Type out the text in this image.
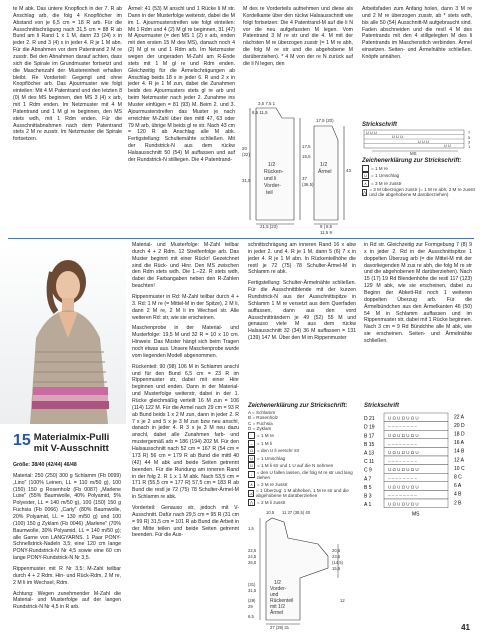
te M abk. Das untere Knopfloch in der 7. R ab Anschlag arb, die folg 4 Knopflöcher im Abstand von je 6,5 cm = 18 R arb. Für die Ausschnittschrägung nach 31,5 cm = 88 R ab Bund am li Rand 1 x 1 M, dann 23 (24) x in jeder 2. R und 3 (4) x in jeder 4. R je 1 M abn. Für die Abnahmen vor dem Patentrand 2 M re zusstr. Bei den Abnahmen darauf achten, dass sich die Spirale im Grundmuster fortsetzt und die Maschenzahl der Mustereinheit erhalten bleibt. Re Vorderteil: Gegengl und ohne Knopflöcher arb. Das Ajourmuster wie folgt einteilen: Mit 4 M Patentrand und den letzten 8 (0) M des MS beginnen, den MS 3 (4) x arb, mit 1 Rdm enden. Im Netzmuster mit 4 M Patentrand und 1 M gl re beginnen, den MS stets wdh, mit 1 Rdm enden. Für die Ausschnittabnahmen nach dem Patentrand stets 2 M re zusstr. Im Netzmuster die Spirale fortsetzen.

Ärmel: 41 (53) M anschl und 1 Rücke li M str. Dann in der Musterfolge weiterstr, dabei die M im 1. Ajourmusterstreifen wie folgt einteilen: Mit 1 Rdm und 4 (2) M gl re beginnen, 31 (47) M Ajourmuster (= den MS 1 (2) x arb, enden mit den ersten 15 M des MS), danach noch 4 (2) M gl re und 1 Rdm arb. Im Netzmuster wegen der ungeraden M-Zahl am R-Ende stets mit 1 M gl re und Rdm enden. Gleichzeitig für die Ärmelschrägungen ab Anschlag beids 18 x in jeder 6. R und 2 x in jeder 4. R je 1 M zun, dabei die Zunahmen beids des Ajourmusters stets gl re arb und beim Netzmuster nach jeder 2. Zunahme ins Muster einfügen = 81 (93) M. Beim 2. und 3. Ajourmusterstreifen das Muster je nach erreichter M-Zahl über den mittl 47, 63 oder 79 M arb, übrige M beids gl re str. Nach 43 cm = 120 R ab Anschlag alle M abk. Fertigstellung: Schultemähte schließen. Mit der Rundstrick-N aus dem rückw Halsausschnitt 50 (54) M auffassen und auf der Rundstrick-N stilliegen. Die 4 Patentrand-

M des re Vorderteils aufnehmen und diese als Kordelkante über den rückw Halsausschnitt wie folgt fortsetzen: Die 4 Patentrand-M auf die li N vor die neu aufgefassten M legen. Vom Patentrand 3 M re str und die 4. M mit der nächsten M re überzogen zusstr (= 1 M re abh, die folg M re str und die abgehobene M darüberziehen). * 4 M von der re N zurück auf die li N legen, den

Arbeitsfaden zum Anfang holen, dann 3 M re und 2 M re überzogen zusstr, ab * stets wdh, bis alle 50 (54) Ausschnitt-M aufgebraucht sind. Faden abschneiden und die restl 4 M des Patentrands mit den 4 stillgelegten M des li Patentrands im Maschenstich verbinden. Ärmel einsetzen. Seiten- und Ärmelnähte schließen. Knöpfe annähen.

3,5 7,5 1
8,5 11,5
20
(22)
31,5
17,5
15,5
37
(36,5)
17,5 (20)
43
21,5 (23)	9 | 8,5
11,5 9
1/2
Rücken-
und li
Vorder-
teil
1/2
Ärmel
Strickschrift
U U U
U U U
U U U
U U
7
5
3
1
MS
Zeichenerklärung zur Strickschrift:
= 1 M re
U = 1 Umschlag
∧ = 3 M re zusstr
⋀ = 3 M überzogen zusstr (= 1 M re abh, 2 M re zusstr und die abgehobene M darüberziehen)
15 Materialmix-Pulli mit V-Ausschnitt

Größe: 38/40 (42/44) 46/48

Material: 250 (250) 300 g Schlamm (Fb 0099) „Lino" (100% Leinen, LL = 110 m/50 g), 100 (150) 150 g Rosenholz (Fb 0087) „Marlene Luxe" (55% Baumwolle, 40% Polyamid, 5% Polyester, LL = 140 m/50 g), 100 (150) 150 g Fuchsia (Fb 0066) „Carly" (80% Baumwolle, 20% Polyamid, LL = 130 m/50 g) und 100 (100) 150 g Zyklam (Fb 0046) „Marlene" (70% Baumwolle, 30% Polyamid, LL = 140 m/50 g); alle Garne von LANGYARNS. 1 Paar PONY-Schnellstrick-Nadeln 3,5; eine 120 cm lange PONY-Rundstrick-N Nr 4,5 sowie eine 60 cm lange PONY-Rundstrick-N Nr 3,5.

Rippenmuster mit R Nr 3,5: M-Zahl teilbar durch 4 + 2 Rdm. Hin- und Rück-Rdm, 2 M re, 2 M li im Wechsel, Rdm.

Achtung: Wegen zunehmender M-Zahl die Material- und Musterfolge auf der langen Rundstrick-N Nr 4,5 in R arb.

Material- und Musterfolge: M-Zahl teilbar durch 4 + 2 Rdm. 12 Streifenfolge arb. Das Muster beginnt mit einer Rückr! Gezeichnet sind die Rück- und Hinr. Den MS zwischen den Rdm stets wdh. Die 1.–22. R stets wdh, dabei die Farbangaben neben den R-Zahlen beachten!

Rippenmuster in Rd: M-Zahl teilbar durch 4 + 3. Rd: 1 M re (= Mittel-M in der Spitze), 2 M li, dann 2 M re, 2 M li im Wechsel str. Alle weiteren Rd: str, wie sie erscheinen.

Maschenprobe in der Material- und Musterfolge: 19,5 M und 32 R = 10 x 10 cm. Hinweis: Das Muster hängt sich beim Tragen noch etwas aus. Unsere Maschenprobe wurde vom liegenden Modell abgenommen.

Rückenteil: 90 (98) 106 M in Schlamm anschl und für den Bund 6,5 cm = 23 R im Rippenmuster str, dabei mit einer Hinr beginnen und enden. Dann in der Material- und Musterfolge weiterstr, dabei in der 1. Rücke gleichmäßig verteilt 16 M zun = 106 (114) 122 M. Für die Armel nach 29 cm = 93 R ab Bund beids 1 x 2 M zun, dann in jeder 2. R 7 x je 2 und 5 x je 3 M zun bzw neu anschl, danach in jeder 4. R 3 x je 3 M neu dazu anschl, dabei alle Zunahmen farb- und mustergemäß arb = 186 (194) 202 M. Für den Halsausschnitt nach 52 cm = 167 R (54 cm = 173 R) 56 cm = 179 R ab Bund die mittl 40 (42) 44 M abk und beide Seiten getrennt beenden. Für die Rundung am inneren Rand in der folg 2. R 1 x 1 M abk. Nach 53,5 cm = 171 R (55,5 cm = 177 R) 57,5 cm = 183 R ab Bund die restl je 72 (75) 78 Schulter-Ärmel-M in Schlamm re abk.

Vorderteil: Genauso str, jedoch mit V-Ausschnitt. Dafür nach 29,5 cm = 95 R (31 cm = 99 R) 31,5 cm = 101 R ab Bund die Arbeit in der Mitte teilen und beide Seiten getrennt beenden. Für die Aus-

schnittschrägung am inneren Rand 16 x abw in jeder 2. und 4. R je 1 M, dann 5 (6) 7 x in jeder 4. R je 1 M abn. In Rückenteilhöhe die restl je 72 (75) 78 Schulter-Ärmel-M in Schlamm re abk.

Fertigstellung: Schulter-Ärmelnähte schließen. Für die Ausschnittblende mit der kurzen Rundstrick-N aus der Ausschnittspitze in Schlamm 1 M re versetzt aus dem Querfaden auffassen, dann aus den vord Ausschnitträndern je 49 (52) 55 M und genauso viele M aus dem rückw Halsausschnitt 32 (34) 36 M auffassen = 131 (139) 147 M. Über den M im Rippenmuster

Zeichenerklärung zur Strickschrift:
A = Schlamm
B = Rosenholz
C = Fuchsia
D = Zyklam
= 1 M re
– = 1 M li
Ω = den U li verschr str
U = 1 Umschlag
Ü = 1 M li str und 1 U auf die N nehmen
↓ = den U fallen lassen, die folg M re str und lang ziehen
∧ = 2 M re zusstr
⋌ = 1 Überzug: 1 M abheben, 1 M re str und die abgehobene M darüberziehen
⋀ = 2 M li zusstr
10,5 11 37 (38,5) 40
1,5
22,5
24,5
26,5
(31)
31,5
(29)
29
6,5
20,5
23,5
(14,5)
15,5
12
27 (29) 31
1/2
Vorder-
und
Rückenteil
mit 1/2
Ärmel

in Rd str. Gleichzeitig zur Formgebung 7 (8) 9 x in jeder 2. Rd in der Ausschnittspitze 1 doppelten Überzug arb (= die Mittel-M mit der davorliegenden M zus re abh, die folg M re str und die abgehobenen M darüberziehen). Nach 15 (17) 19 Rd Blendenhöhe die restl 117 (123) 129 M abk, wie sie erscheinen, dabei zu Beginn der Abkett-Rd noch 1 weiteren doppelten Überzug arb. Für die Ärmelbündchen aus den Ärmelkanten 46 (50) 54 M in Schlamm auffassen und im Rippenmuster str, dabei mit 1 Rücke beginnen. Nach 3 cm = 9 Rd Bündchhe alle M abk, wie sie erscheinen. Seiten- und Ärmelnähte schließen.

Strickschrift
D 21	22 A
U Ω U Ω U Ω U
D 19	20 D
– – – – – – – –
B 17	18 D
U Ω U Ω U Ω U
B 15	16 A
– – – – – – – –
A 13	14 B
U Ω U Ω U Ω U
C 11	12 A
– – – – – – – –
C 9	10 C
U Ω U Ω U Ω U
A 7	8 C
– – – – – – – –
B 5	6 A
U Ω U Ω U Ω U
B 3	4 B
– – – – – – – –
A 1	2 B
U Ω U Ω U Ω U
MS
41
